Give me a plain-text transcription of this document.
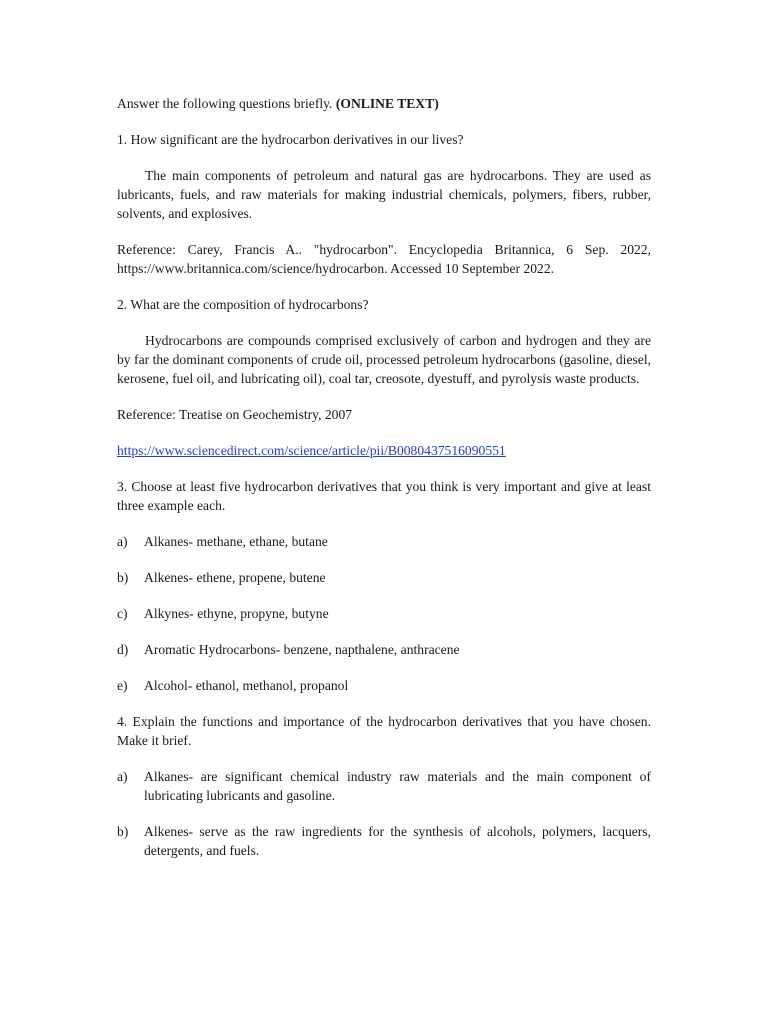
Answer the following questions briefly. (ONLINE TEXT)

1. How significant are the hydrocarbon derivatives in our lives?

The main components of petroleum and natural gas are hydrocarbons. They are used as lubricants, fuels, and raw materials for making industrial chemicals, polymers, fibers, rubber, solvents, and explosives.

Reference: Carey, Francis A.. "hydrocarbon". Encyclopedia Britannica, 6 Sep. 2022, https://www.britannica.com/science/hydrocarbon. Accessed 10 September 2022.

2. What are the composition of hydrocarbons?

Hydrocarbons are compounds comprised exclusively of carbon and hydrogen and they are by far the dominant components of crude oil, processed petroleum hydrocarbons (gasoline, diesel, kerosene, fuel oil, and lubricating oil), coal tar, creosote, dyestuff, and pyrolysis waste products.

Reference: Treatise on Geochemistry, 2007

https://www.sciencedirect.com/science/article/pii/B0080437516090551

3. Choose at least five hydrocarbon derivatives that you think is very important and give at least three example each.

a)	Alkanes- methane, ethane, butane
b)	Alkenes- ethene, propene, butene
c)	Alkynes- ethyne, propyne, butyne
d)	Aromatic Hydrocarbons- benzene, napthalene, anthracene
e)	Alcohol- ethanol, methanol, propanol

4. Explain the functions and importance of the hydrocarbon derivatives that you have chosen. Make it brief.

a)	Alkanes- are significant chemical industry raw materials and the main component of lubricating lubricants and gasoline.
b)	Alkenes- serve as the raw ingredients for the synthesis of alcohols, polymers, lacquers, detergents, and fuels.
